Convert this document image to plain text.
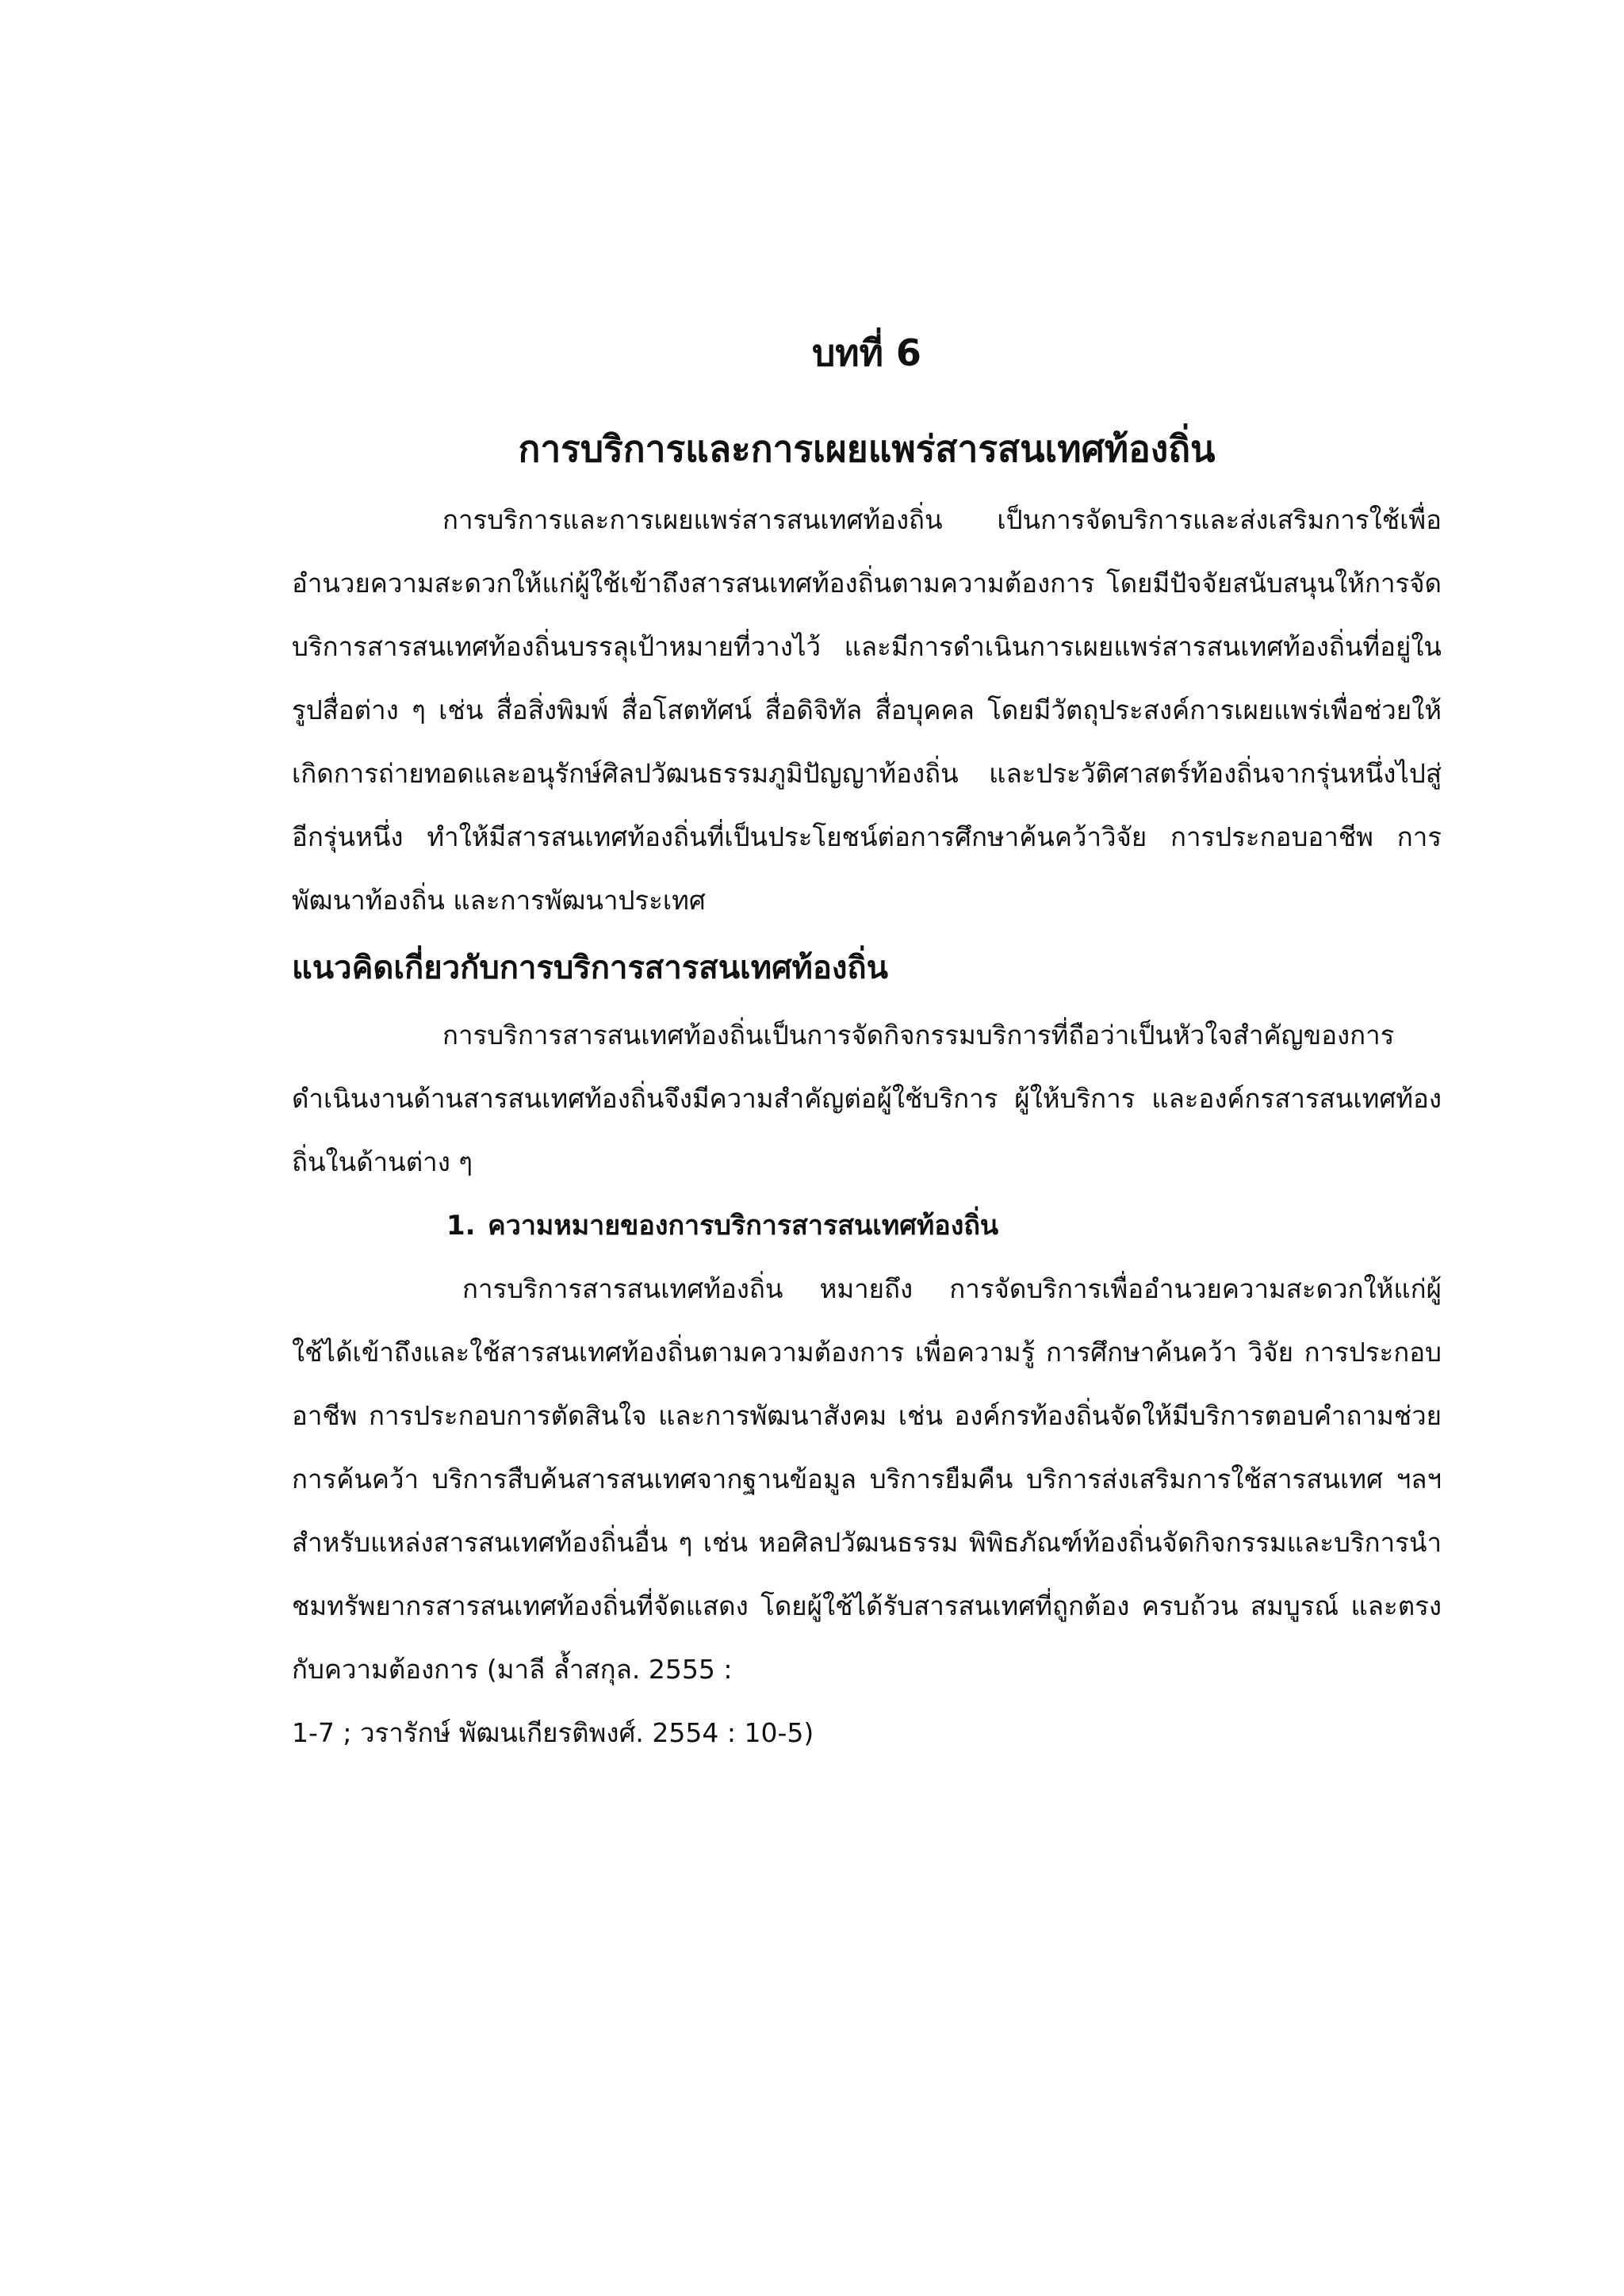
บทที่ 6
การบริการและการเผยแพร่สารสนเทศท้องถิ่น

การบริการและการเผยแพร่สารสนเทศท้องถิ่น เป็นการจัดบริการและส่งเสริมการใช้เพื่ออำนวยความสะดวกให้แก่ผู้ใช้เข้าถึงสารสนเทศท้องถิ่นตามความต้องการ โดยมีปัจจัยสนับสนุนให้การจัดบริการสารสนเทศท้องถิ่นบรรลุเป้าหมายที่วางไว้ และมีการดำเนินการเผยแพร่สารสนเทศท้องถิ่นที่อยู่ในรูปสื่อต่าง ๆ เช่น สื่อสิ่งพิมพ์ สื่อโสตทัศน์ สื่อดิจิทัล สื่อบุคคล โดยมีวัตถุประสงค์การเผยแพร่เพื่อช่วยให้เกิดการถ่ายทอดและอนุรักษ์ศิลปวัฒนธรรมภูมิปัญญาท้องถิ่น และประวัติศาสตร์ท้องถิ่นจากรุ่นหนึ่งไปสู่อีกรุ่นหนึ่ง ทำให้มีสารสนเทศท้องถิ่นที่เป็นประโยชน์ต่อการศึกษาค้นคว้าวิจัย การประกอบอาชีพ การพัฒนาท้องถิ่น และการพัฒนาประเทศ

แนวคิดเกี่ยวกับการบริการสารสนเทศท้องถิ่น

การบริการสารสนเทศท้องถิ่นเป็นการจัดกิจกรรมบริการที่ถือว่าเป็นหัวใจสำคัญของการดำเนินงานด้านสารสนเทศท้องถิ่นจึงมีความสำคัญต่อผู้ใช้บริการ ผู้ให้บริการ และองค์กรสารสนเทศท้องถิ่นในด้านต่าง ๆ

1. ความหมายของการบริการสารสนเทศท้องถิ่น

การบริการสารสนเทศท้องถิ่น หมายถึง การจัดบริการเพื่ออำนวยความสะดวกให้แก่ผู้ใช้ได้เข้าถึงและใช้สารสนเทศท้องถิ่นตามความต้องการ เพื่อความรู้ การศึกษาค้นคว้า วิจัย การประกอบอาชีพ การประกอบการตัดสินใจ และการพัฒนาสังคม เช่น องค์กรท้องถิ่นจัดให้มีบริการตอบคำถามช่วยการค้นคว้า บริการสืบค้นสารสนเทศจากฐานข้อมูล บริการยืมคืน บริการส่งเสริมการใช้สารสนเทศ ฯลฯ สำหรับแหล่งสารสนเทศท้องถิ่นอื่น ๆ เช่น หอศิลปวัฒนธรรม พิพิธภัณฑ์ท้องถิ่นจัดกิจกรรมและบริการนำชมทรัพยากรสารสนเทศท้องถิ่นที่จัดแสดง โดยผู้ใช้ได้รับสารสนเทศที่ถูกต้อง ครบถ้วน สมบูรณ์ และตรงกับความต้องการ (มาลี ล้ำสกุล. 2555 :

1-7 ; วรารักษ์ พัฒนเกียรติพงศ์. 2554 : 10-5)
